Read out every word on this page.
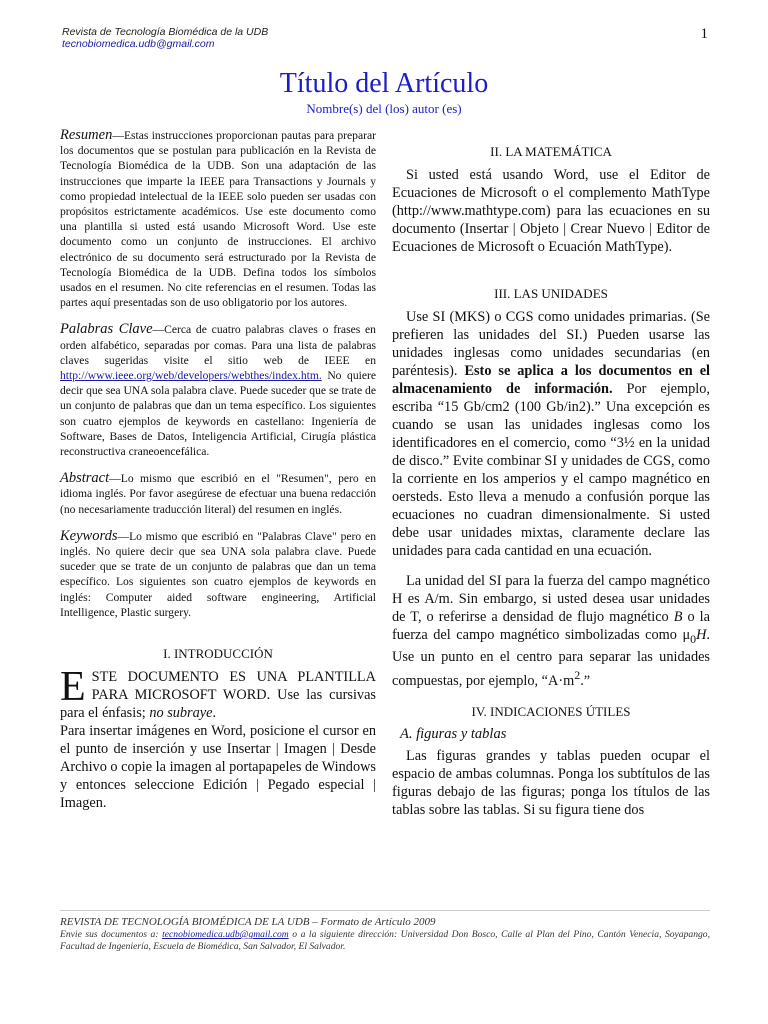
Revista de Tecnología Biomédica de la UDB
tecnobiomedica.udb@gmail.com
1
Título del Artículo
Nombre(s) del (los) autor (es)

Resumen—Estas instrucciones proporcionan pautas para preparar los documentos que se postulan para publicación en la Revista de Tecnología Biomédica de la UDB. Son una adaptación de las instrucciones que imparte la IEEE para Transactions y Journals y como propiedad intelectual de la IEEE solo pueden ser usadas con propósitos estrictamente académicos. Use este documento como una plantilla si usted está usando Microsoft Word. Use este documento como un conjunto de instrucciones. El archivo electrónico de su documento será estructurado por la Revista de Tecnología Biomédica de la UDB. Defina todos los símbolos usados en el resumen. No cite referencias en el resumen. Todas las partes aquí presentadas son de uso obligatorio por los autores.

Palabras Clave—Cerca de cuatro palabras claves o frases en orden alfabético, separadas por comas. Para una lista de palabras claves sugeridas visite el sitio web de IEEE en http://www.ieee.org/web/developers/webthes/index.htm. No quiere decir que sea UNA sola palabra clave. Puede suceder que se trate de un conjunto de palabras que dan un tema específico. Los siguientes son cuatro ejemplos de keywords en castellano: Ingeniería de Software, Bases de Datos, Inteligencia Artificial, Cirugía plástica reconstructiva craneoencefálica.

Abstract—Lo mismo que escribió en el "Resumen", pero en idioma inglés. Por favor asegúrese de efectuar una buena redacción (no necesariamente traducción literal) del resumen en inglés.

Keywords—Lo mismo que escribió en "Palabras Clave" pero en inglés. No quiere decir que sea UNA sola palabra clave. Puede suceder que se trate de un conjunto de palabras que dan un tema específico. Los siguientes son cuatro ejemplos de keywords en inglés: Computer aided software engineering, Artificial Intelligence, Plastic surgery.

I. INTRODUCCIÓN

ESTE DOCUMENTO ES UNA PLANTILLA PARA MICROSOFT WORD. Use las cursivas para el énfasis; no subraye.

Para insertar imágenes en Word, posicione el cursor en el punto de inserción y use Insertar | Imagen | Desde Archivo o copie la imagen al portapapeles de Windows y entonces seleccione Edición | Pegado especial | Imagen.

II. LA MATEMÁTICA

Si usted está usando Word, use el Editor de Ecuaciones de Microsoft o el complemento MathType (http://www.mathtype.com) para las ecuaciones en su documento (Insertar | Objeto | Crear Nuevo | Editor de Ecuaciones de Microsoft o Ecuación MathType).

III. LAS UNIDADES

Use SI (MKS) o CGS como unidades primarias. (Se prefieren las unidades del SI.) Pueden usarse las unidades inglesas como unidades secundarias (en paréntesis). Esto se aplica a los documentos en el almacenamiento de información. Por ejemplo, escriba “15 Gb/cm2 (100 Gb/in2).” Una excepción es cuando se usan las unidades inglesas como los identificadores en el comercio, como “3½ en la unidad de disco.” Evite combinar SI y unidades de CGS, como la corriente en los amperios y el campo magnético en oersteds. Esto lleva a menudo a confusión porque las ecuaciones no cuadran dimensionalmente. Si usted debe usar unidades mixtas, claramente declare las unidades para cada cantidad en una ecuación.

La unidad del SI para la fuerza del campo magnético H es A/m. Sin embargo, si usted desea usar unidades de T, o referirse a densidad de flujo magnético B o la fuerza del campo magnético simbolizadas como $\mu_0H$. Use un punto en el centro para separar las unidades compuestas, por ejemplo, “$A\cdot m^2$.”

IV. INDICACIONES ÚTILES
A. figuras y tablas

Las figuras grandes y tablas pueden ocupar el espacio de ambas columnas. Ponga los subtítulos de las figuras debajo de las figuras; ponga los títulos de las tablas sobre las tablas. Si su figura tiene dos

REVISTA DE TECNOLOGÍA BIOMÉDICA DE LA UDB – Formato de Artículo 2009
Envie sus documentos a: tecnobiomedica.udb@gmail.com o a la siguiente dirección: Universidad Don Bosco, Calle al Plan del Pino, Cantón Venecia, Soyapango, Facultad de Ingeniería, Escuela de Biomédica, San Salvador, El Salvador.
